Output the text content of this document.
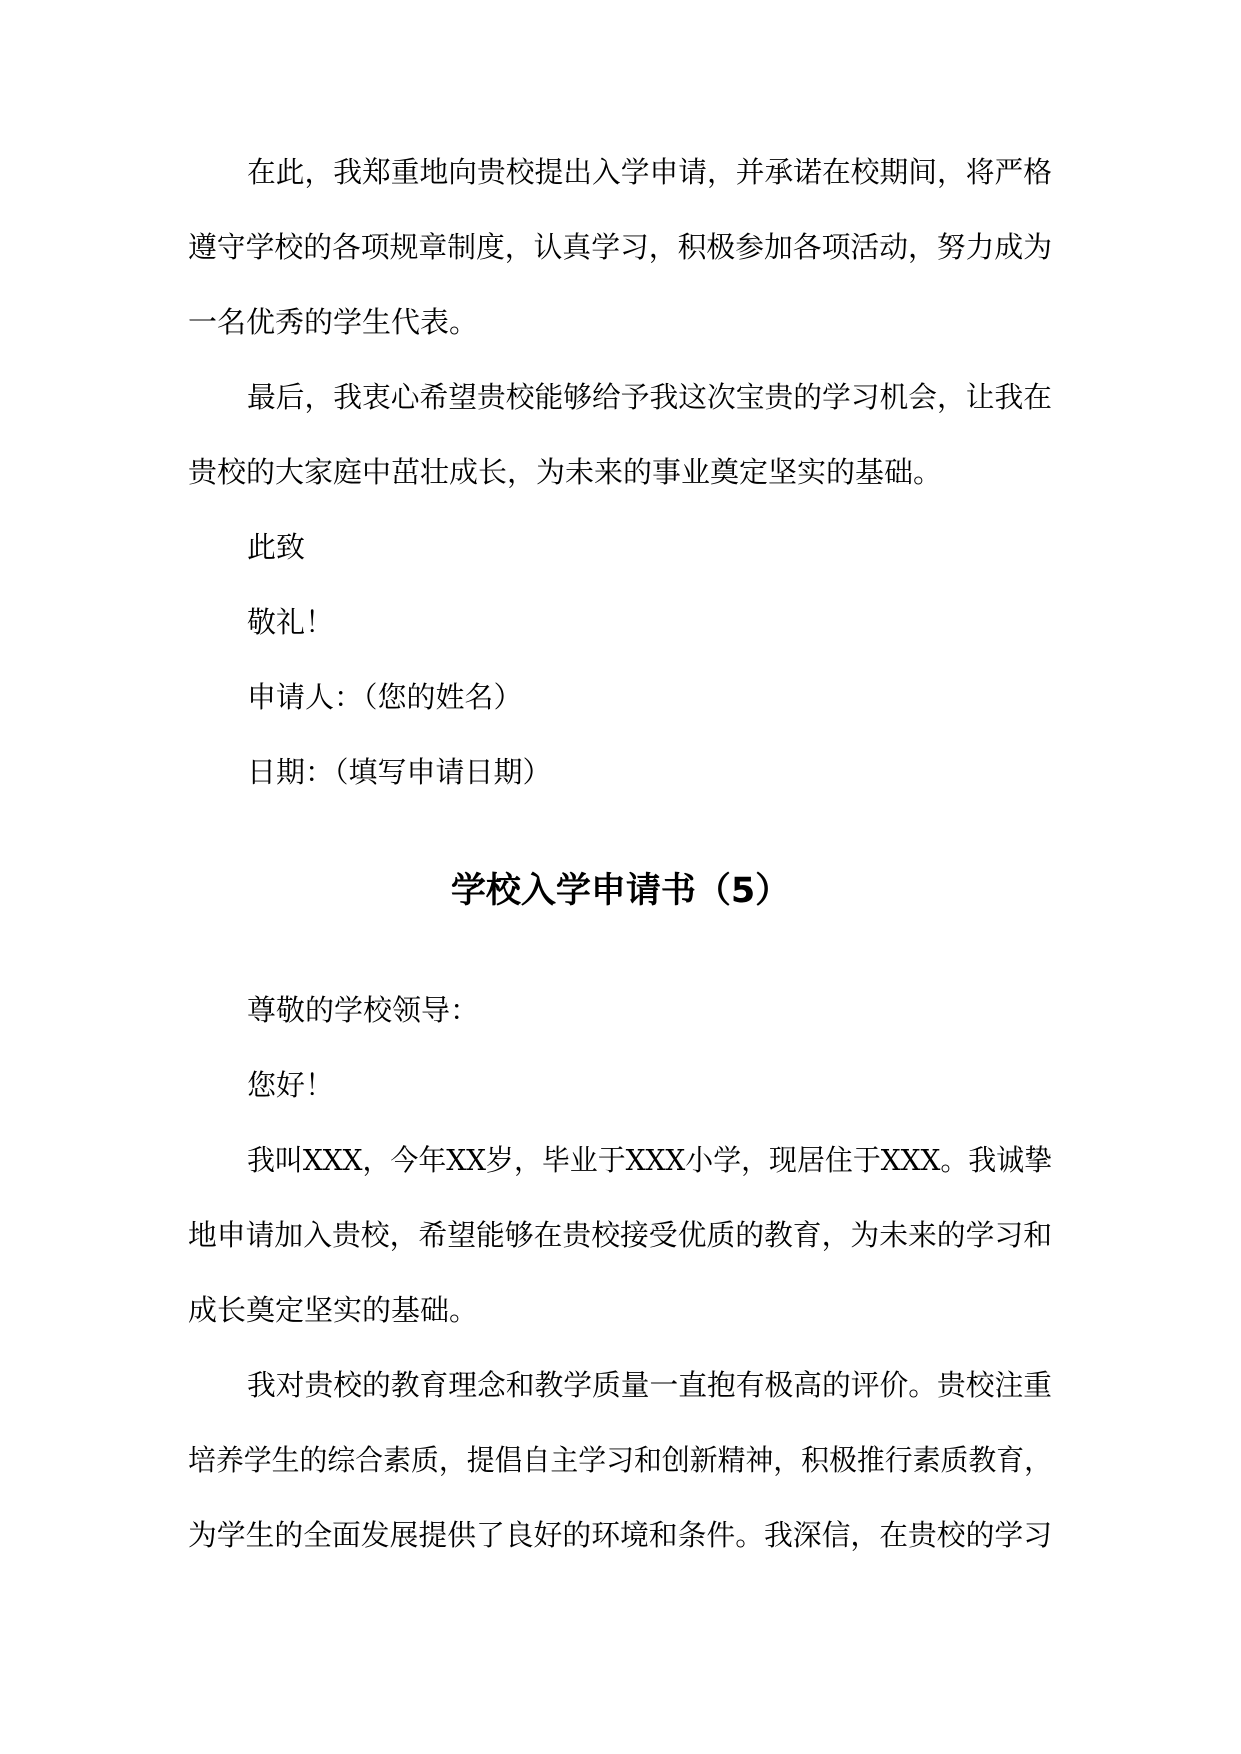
在此，我郑重地向贵校提出入学申请，并承诺在校期间，将严格
遵守学校的各项规章制度，认真学习，积极参加各项活动，努力成为
一名优秀的学生代表。
最后，我衷心希望贵校能够给予我这次宝贵的学习机会，让我在
贵校的大家庭中茁壮成长，为未来的事业奠定坚实的基础。
此致
敬礼！
申请人：（您的姓名）
日期：（填写申请日期）
学校入学申请书（5）
尊敬的学校领导：
您好！
我叫XXX，今年XX岁，毕业于XXX小学，现居住于XXX。我诚挚
地申请加入贵校，希望能够在贵校接受优质的教育，为未来的学习和
成长奠定坚实的基础。
我对贵校的教育理念和教学质量一直抱有极高的评价。贵校注重
培养学生的综合素质，提倡自主学习和创新精神，积极推行素质教育，
为学生的全面发展提供了良好的环境和条件。我深信，在贵校的学习
